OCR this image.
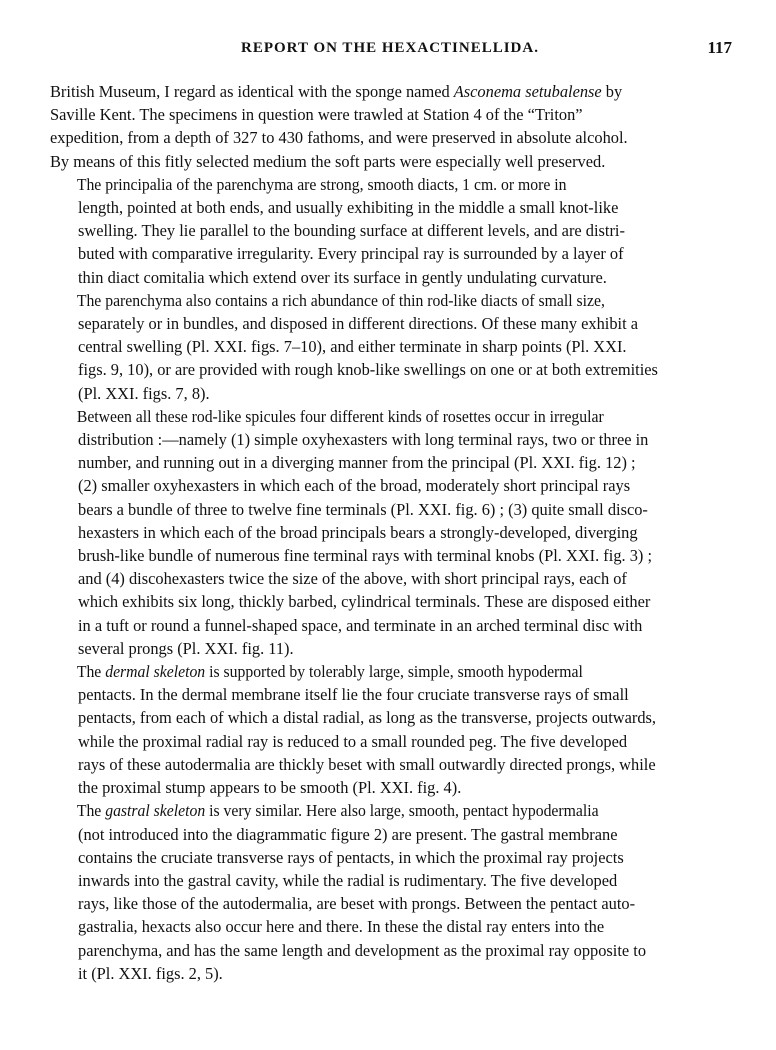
REPORT ON THE HEXACTINELLIDA.	117

British Museum, I regard as identical with the sponge named Asconema setubalense by
Saville Kent. The specimens in question were trawled at Station 4 of the “Triton”
expedition, from a depth of 327 to 430 fathoms, and were preserved in absolute alcohol.
By means of this fitly selected medium the soft parts were especially well preserved.

The principalia of the parenchyma are strong, smooth diacts, 1 cm. or more in
length, pointed at both ends, and usually exhibiting in the middle a small knot-like
swelling. They lie parallel to the bounding surface at different levels, and are distri-
buted with comparative irregularity. Every principal ray is surrounded by a layer of
thin diact comitalia which extend over its surface in gently undulating curvature.

The parenchyma also contains a rich abundance of thin rod-like diacts of small size,
separately or in bundles, and disposed in different directions. Of these many exhibit a
central swelling (Pl. XXI. figs. 7–10), and either terminate in sharp points (Pl. XXI.
figs. 9, 10), or are provided with rough knob-like swellings on one or at both extremities
(Pl. XXI. figs. 7, 8).

Between all these rod-like spicules four different kinds of rosettes occur in irregular
distribution :—namely (1) simple oxyhexasters with long terminal rays, two or three in
number, and running out in a diverging manner from the principal (Pl. XXI. fig. 12) ;
(2) smaller oxyhexasters in which each of the broad, moderately short principal rays
bears a bundle of three to twelve fine terminals (Pl. XXI. fig. 6) ; (3) quite small disco-
hexasters in which each of the broad principals bears a strongly-developed, diverging
brush-like bundle of numerous fine terminal rays with terminal knobs (Pl. XXI. fig. 3) ;
and (4) discohexasters twice the size of the above, with short principal rays, each of
which exhibits six long, thickly barbed, cylindrical terminals. These are disposed either
in a tuft or round a funnel-shaped space, and terminate in an arched terminal disc with
several prongs (Pl. XXI. fig. 11).

The dermal skeleton is supported by tolerably large, simple, smooth hypodermal
pentacts. In the dermal membrane itself lie the four cruciate transverse rays of small
pentacts, from each of which a distal radial, as long as the transverse, projects outwards,
while the proximal radial ray is reduced to a small rounded peg. The five developed
rays of these autodermalia are thickly beset with small outwardly directed prongs, while
the proximal stump appears to be smooth (Pl. XXI. fig. 4).

The gastral skeleton is very similar. Here also large, smooth, pentact hypodermalia
(not introduced into the diagrammatic figure 2) are present. The gastral membrane
contains the cruciate transverse rays of pentacts, in which the proximal ray projects
inwards into the gastral cavity, while the radial is rudimentary. The five developed
rays, like those of the autodermalia, are beset with prongs. Between the pentact auto-
gastralia, hexacts also occur here and there. In these the distal ray enters into the
parenchyma, and has the same length and development as the proximal ray opposite to
it (Pl. XXI. figs. 2, 5).
